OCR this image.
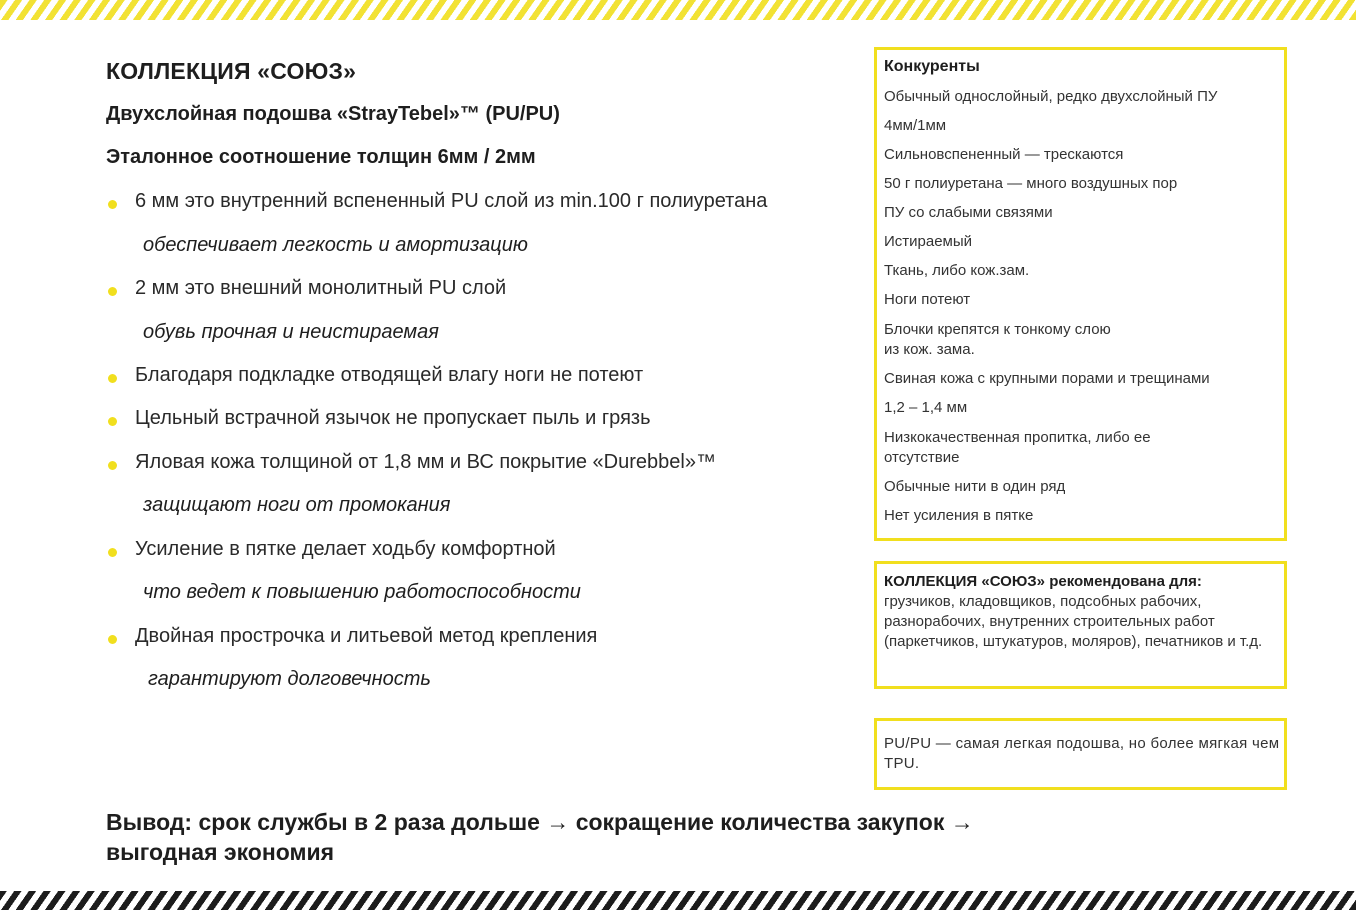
КОЛЛЕКЦИЯ «СОЮЗ»
Двухслойная подошва «StrayTebel»™ (PU/PU)
Эталонное соотношение толщин 6мм / 2мм
6 мм это внутренний вспененный PU слой из min.100 г полиуретана
обеспечивает легкость и амортизацию
2 мм это внешний монолитный PU слой
обувь прочная и неистираемая
Благодаря подкладке отводящей влагу ноги не потеют
Цельный встрачной язычок не пропускает пыль и грязь
Яловая кожа толщиной от 1,8 мм и ВС покрытие «Durebbel»™
защищают ноги от промокания
Усиление в пятке делает ходьбу комфортной
что ведет к повышению работоспособности
Двойная прострочка и литьевой метод крепления
гарантируют долговечность
Конкуренты
Обычный однослойный, редко двухслойный ПУ
4мм/1мм
Сильновспененный — трескаются
50 г полиуретана — много воздушных пор
ПУ со слабыми связями
Истираемый
Ткань, либо кож.зам.
Ноги потеют
Блочки крепятся к тонкому слою
из кож. зама.
Свиная кожа с крупными порами и трещинами
1,2 – 1,4 мм
Низкокачественная пропитка, либо ее
отсутствие
Обычные нити в один ряд
Нет усиления в пятке
КОЛЛЕКЦИЯ «СОЮЗ» рекомендована для:
грузчиков, кладовщиков, подсобных рабочих, разнорабочих, внутренних строительных работ (паркетчиков, штукатуров, моляров), печатников и т.д.
PU/PU — самая легкая подошва, но более мягкая чем TPU.
Вывод: срок службы в 2 раза дольше → сокращение количества закупок →
выгодная экономия
